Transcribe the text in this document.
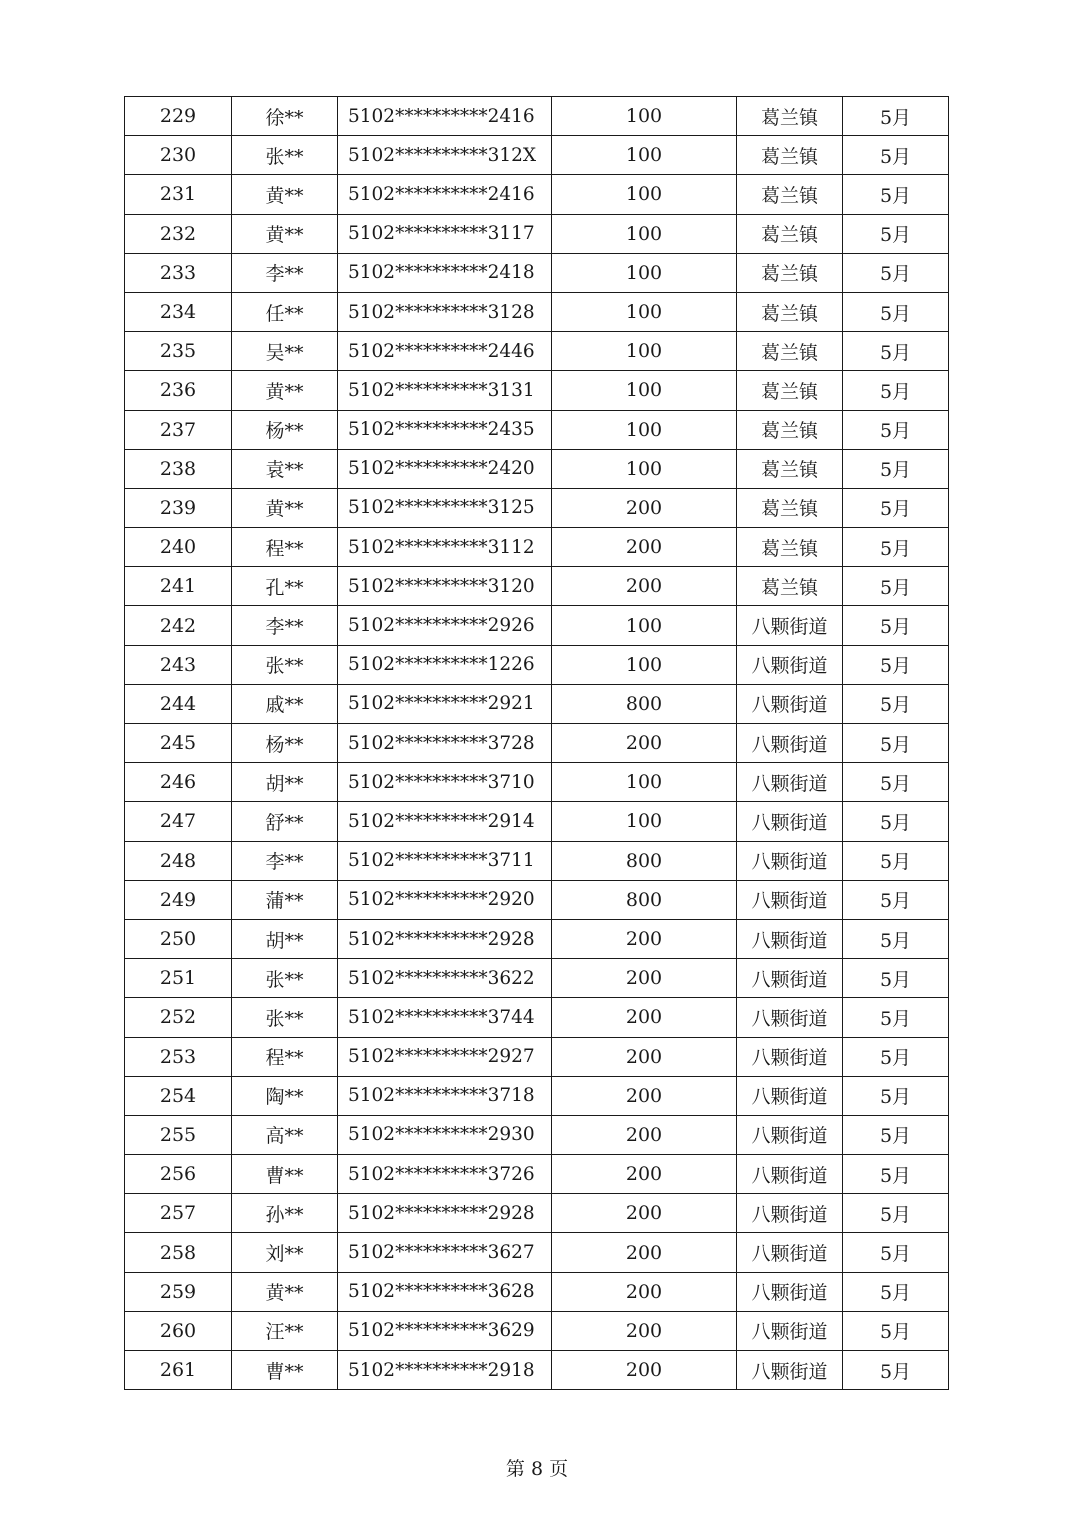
229	徐**	5102**********2416	100	葛兰镇	5月
230	张**	5102**********312X	100	葛兰镇	5月
231	黄**	5102**********2416	100	葛兰镇	5月
232	黄**	5102**********3117	100	葛兰镇	5月
233	李**	5102**********2418	100	葛兰镇	5月
234	任**	5102**********3128	100	葛兰镇	5月
235	吴**	5102**********2446	100	葛兰镇	5月
236	黄**	5102**********3131	100	葛兰镇	5月
237	杨**	5102**********2435	100	葛兰镇	5月
238	袁**	5102**********2420	100	葛兰镇	5月
239	黄**	5102**********3125	200	葛兰镇	5月
240	程**	5102**********3112	200	葛兰镇	5月
241	孔**	5102**********3120	200	葛兰镇	5月
242	李**	5102**********2926	100	八颗街道	5月
243	张**	5102**********1226	100	八颗街道	5月
244	戚**	5102**********2921	800	八颗街道	5月
245	杨**	5102**********3728	200	八颗街道	5月
246	胡**	5102**********3710	100	八颗街道	5月
247	舒**	5102**********2914	100	八颗街道	5月
248	李**	5102**********3711	800	八颗街道	5月
249	蒲**	5102**********2920	800	八颗街道	5月
250	胡**	5102**********2928	200	八颗街道	5月
251	张**	5102**********3622	200	八颗街道	5月
252	张**	5102**********3744	200	八颗街道	5月
253	程**	5102**********2927	200	八颗街道	5月
254	陶**	5102**********3718	200	八颗街道	5月
255	高**	5102**********2930	200	八颗街道	5月
256	曹**	5102**********3726	200	八颗街道	5月
257	孙**	5102**********2928	200	八颗街道	5月
258	刘**	5102**********3627	200	八颗街道	5月
259	黄**	5102**********3628	200	八颗街道	5月
260	汪**	5102**********3629	200	八颗街道	5月
261	曹**	5102**********2918	200	八颗街道	5月
第 8 页
